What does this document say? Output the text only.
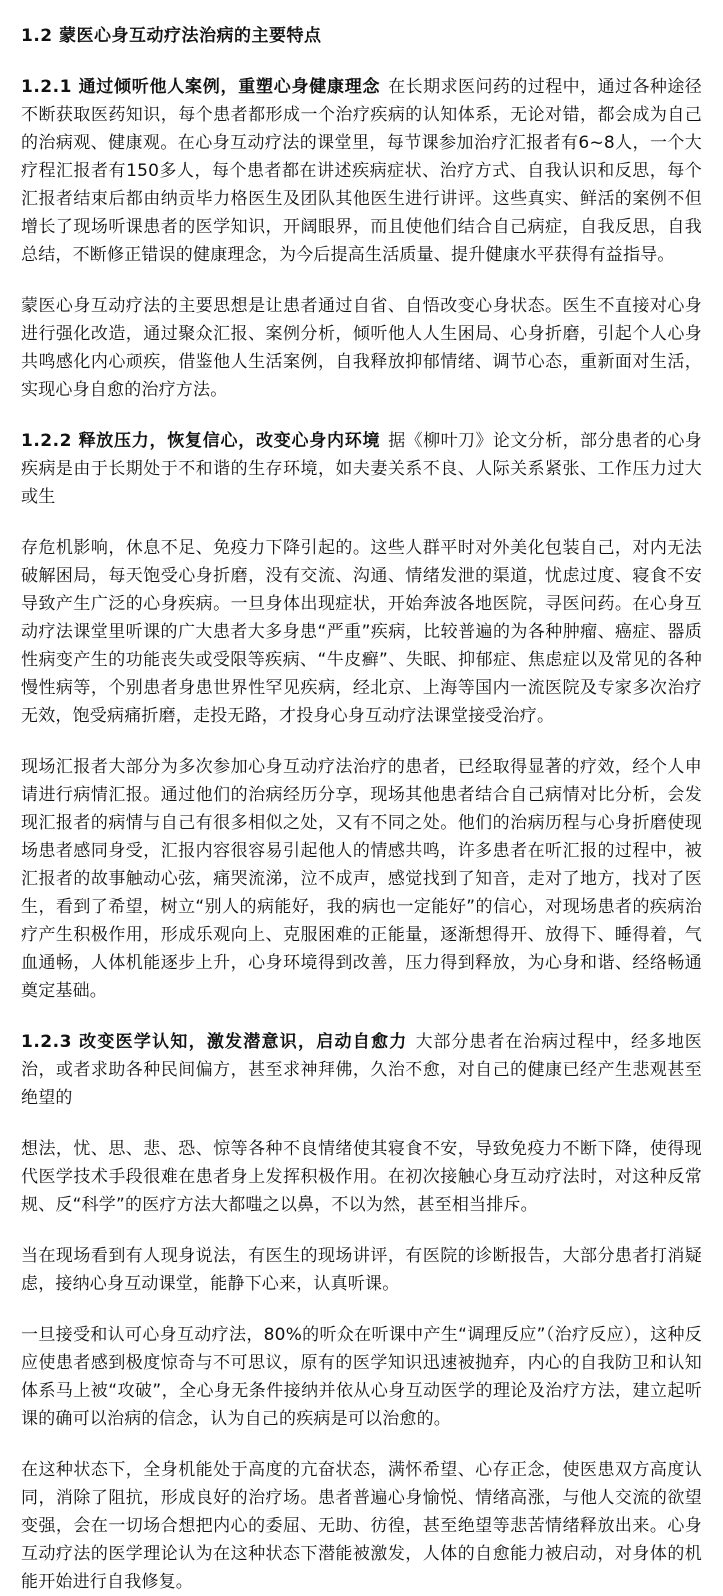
1.2 蒙医心身互动疗法治病的主要特点

1.2.1 通过倾听他人案例，重塑心身健康理念 在长期求医问药的过程中，通过各种途径不断获取医药知识，每个患者都形成一个治疗疾病的认知体系，无论对错，都会成为自己的治病观、健康观。在心身互动疗法的课堂里，每节课参加治疗汇报者有6~8人，一个大疗程汇报者有150多人，每个患者都在讲述疾病症状、治疗方式、自我认识和反思，每个汇报者结束后都由纳贡毕力格医生及团队其他医生进行讲评。这些真实、鲜活的案例不但增长了现场听课患者的医学知识，开阔眼界，而且使他们结合自己病症，自我反思，自我总结，不断修正错误的健康理念，为今后提高生活质量、提升健康水平获得有益指导。

蒙医心身互动疗法的主要思想是让患者通过自省、自悟改变心身状态。医生不直接对心身进行强化改造，通过聚众汇报、案例分析，倾听他人人生困局、心身折磨，引起个人心身共鸣感化内心顽疾，借鉴他人生活案例，自我释放抑郁情绪、调节心态，重新面对生活，实现心身自愈的治疗方法。

1.2.2 释放压力，恢复信心，改变心身内环境 据《柳叶刀》论文分析，部分患者的心身疾病是由于长期处于不和谐的生存环境，如夫妻关系不良、人际关系紧张、工作压力过大或生

存危机影响，休息不足、免疫力下降引起的。这些人群平时对外美化包装自己，对内无法破解困局，每天饱受心身折磨，没有交流、沟通、情绪发泄的渠道，忧虑过度、寝食不安导致产生广泛的心身疾病。一旦身体出现症状，开始奔波各地医院，寻医问药。在心身互动疗法课堂里听课的广大患者大多身患“严重”疾病，比较普遍的为各种肿瘤、癌症、器质性病变产生的功能丧失或受限等疾病、“牛皮癣”、失眠、抑郁症、焦虑症以及常见的各种慢性病等，个别患者身患世界性罕见疾病，经北京、上海等国内一流医院及专家多次治疗无效，饱受病痛折磨，走投无路，才投身心身互动疗法课堂接受治疗。

现场汇报者大部分为多次参加心身互动疗法治疗的患者，已经取得显著的疗效，经个人申请进行病情汇报。通过他们的治病经历分享，现场其他患者结合自己病情对比分析，会发现汇报者的病情与自己有很多相似之处，又有不同之处。他们的治病历程与心身折磨使现场患者感同身受，汇报内容很容易引起他人的情感共鸣，许多患者在听汇报的过程中，被汇报者的故事触动心弦，痛哭流涕，泣不成声，感觉找到了知音，走对了地方，找对了医生，看到了希望，树立“别人的病能好，我的病也一定能好”的信心，对现场患者的疾病治疗产生积极作用，形成乐观向上、克服困难的正能量，逐渐想得开、放得下、睡得着，气血通畅，人体机能逐步上升，心身环境得到改善，压力得到释放，为心身和谐、经络畅通奠定基础。

1.2.3 改变医学认知，激发潜意识，启动自愈力 大部分患者在治病过程中，经多地医治，或者求助各种民间偏方，甚至求神拜佛，久治不愈，对自己的健康已经产生悲观甚至绝望的

想法，忧、思、悲、恐、惊等各种不良情绪使其寝食不安，导致免疫力不断下降，使得现代医学技术手段很难在患者身上发挥积极作用。在初次接触心身互动疗法时，对这种反常规、反“科学”的医疗方法大都嗤之以鼻，不以为然，甚至相当排斥。

当在现场看到有人现身说法，有医生的现场讲评，有医院的诊断报告，大部分患者打消疑虑，接纳心身互动课堂，能静下心来，认真听课。

一旦接受和认可心身互动疗法，80%的听众在听课中产生“调理反应”（治疗反应），这种反应使患者感到极度惊奇与不可思议，原有的医学知识迅速被抛弃，内心的自我防卫和认知体系马上被“攻破”，全心身无条件接纳并依从心身互动医学的理论及治疗方法，建立起听课的确可以治病的信念，认为自己的疾病是可以治愈的。

在这种状态下，全身机能处于高度的亢奋状态，满怀希望、心存正念，使医患双方高度认同，消除了阻抗，形成良好的治疗场。患者普遍心身愉悦、情绪高涨，与他人交流的欲望变强，会在一切场合想把内心的委屈、无助、彷徨，甚至绝望等悲苦情绪释放出来。心身互动疗法的医学理论认为在这种状态下潜能被激发，人体的自愈能力被启动，对身体的机能开始进行自我修复。
